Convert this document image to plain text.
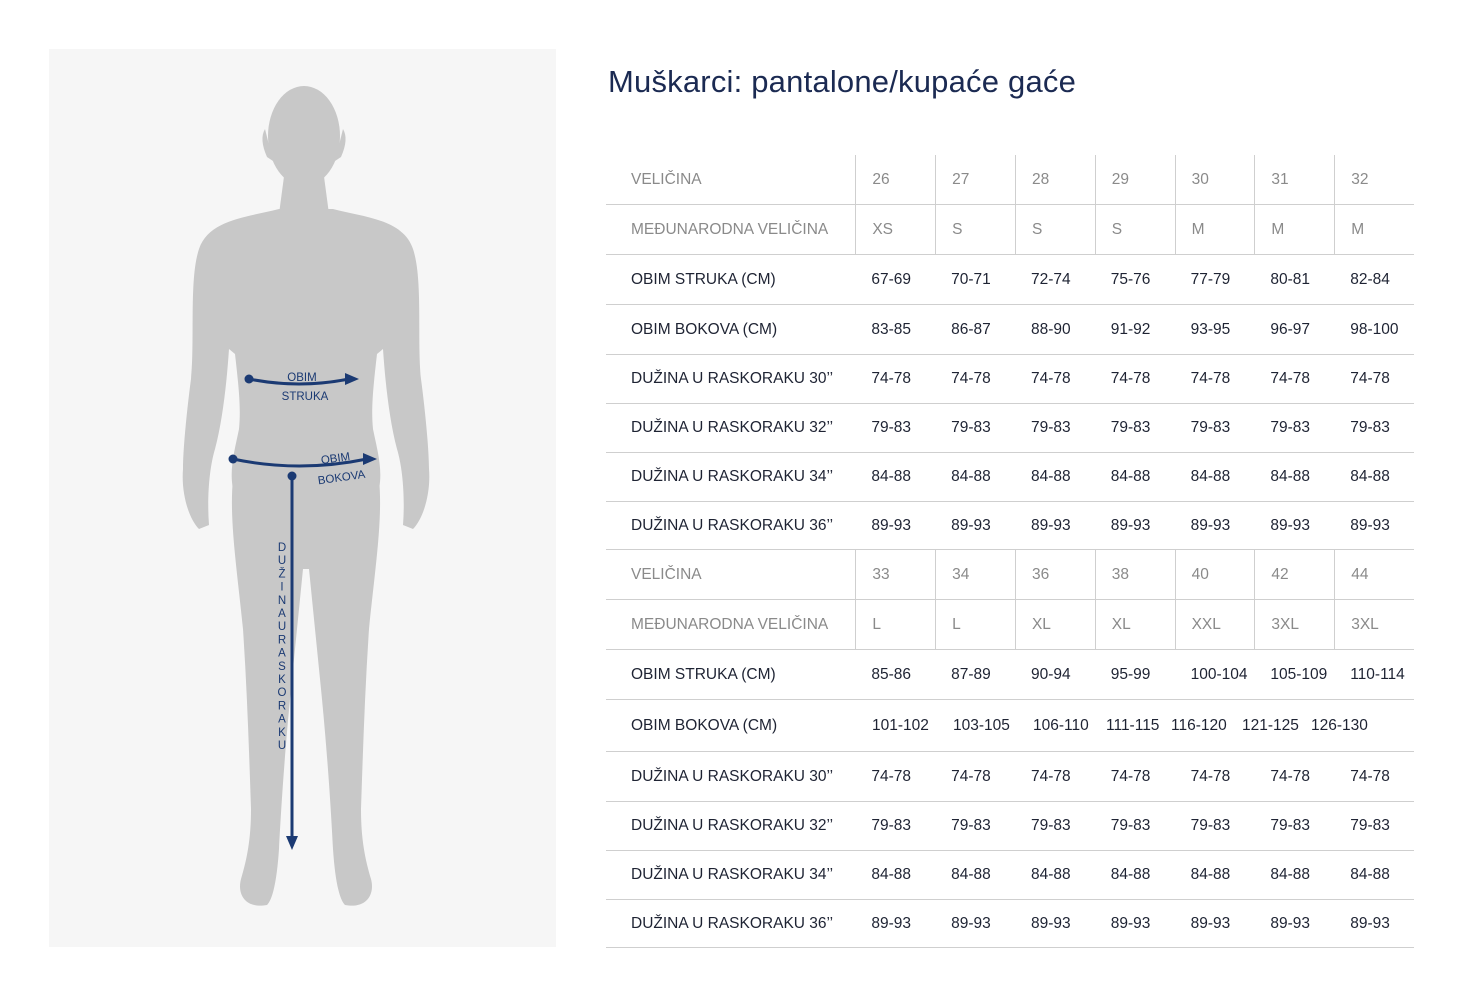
OBIM
STRUKA
OBIM
BOKOVA
D
U
Ž
I
N
A
U
R
A
S
K
O
R
A
K
U
Muškarci: pantalone/kupaće gaće
VELIČINA	26	27	28	29	30	31	32
MEĐUNARODNA VELIČINA	XS	S	S	S	M	M	M
OBIM STRUKA (CM)	67-69	70-71	72-74	75-76	77-79	80-81	82-84
OBIM BOKOVA (CM)	83-85	86-87	88-90	91-92	93-95	96-97	98-100
DUŽINA U RASKORAKU 30’’	74-78	74-78	74-78	74-78	74-78	74-78	74-78
DUŽINA U RASKORAKU 32’’	79-83	79-83	79-83	79-83	79-83	79-83	79-83
DUŽINA U RASKORAKU 34’’	84-88	84-88	84-88	84-88	84-88	84-88	84-88
DUŽINA U RASKORAKU 36’’	89-93	89-93	89-93	89-93	89-93	89-93	89-93
VELIČINA	33	34	36	38	40	42	44
MEĐUNARODNA VELIČINA	L	L	XL	XL	XXL	3XL	3XL
OBIM STRUKA (CM)	85-86	87-89	90-94	95-99	100-104	105-109	110-114
OBIM BOKOVA (CM)	101-102 103-105 106-110 111-115 116-120 121-125 126-130
DUŽINA U RASKORAKU 30’’	74-78	74-78	74-78	74-78	74-78	74-78	74-78
DUŽINA U RASKORAKU 32’’	79-83	79-83	79-83	79-83	79-83	79-83	79-83
DUŽINA U RASKORAKU 34’’	84-88	84-88	84-88	84-88	84-88	84-88	84-88
DUŽINA U RASKORAKU 36’’	89-93	89-93	89-93	89-93	89-93	89-93	89-93
